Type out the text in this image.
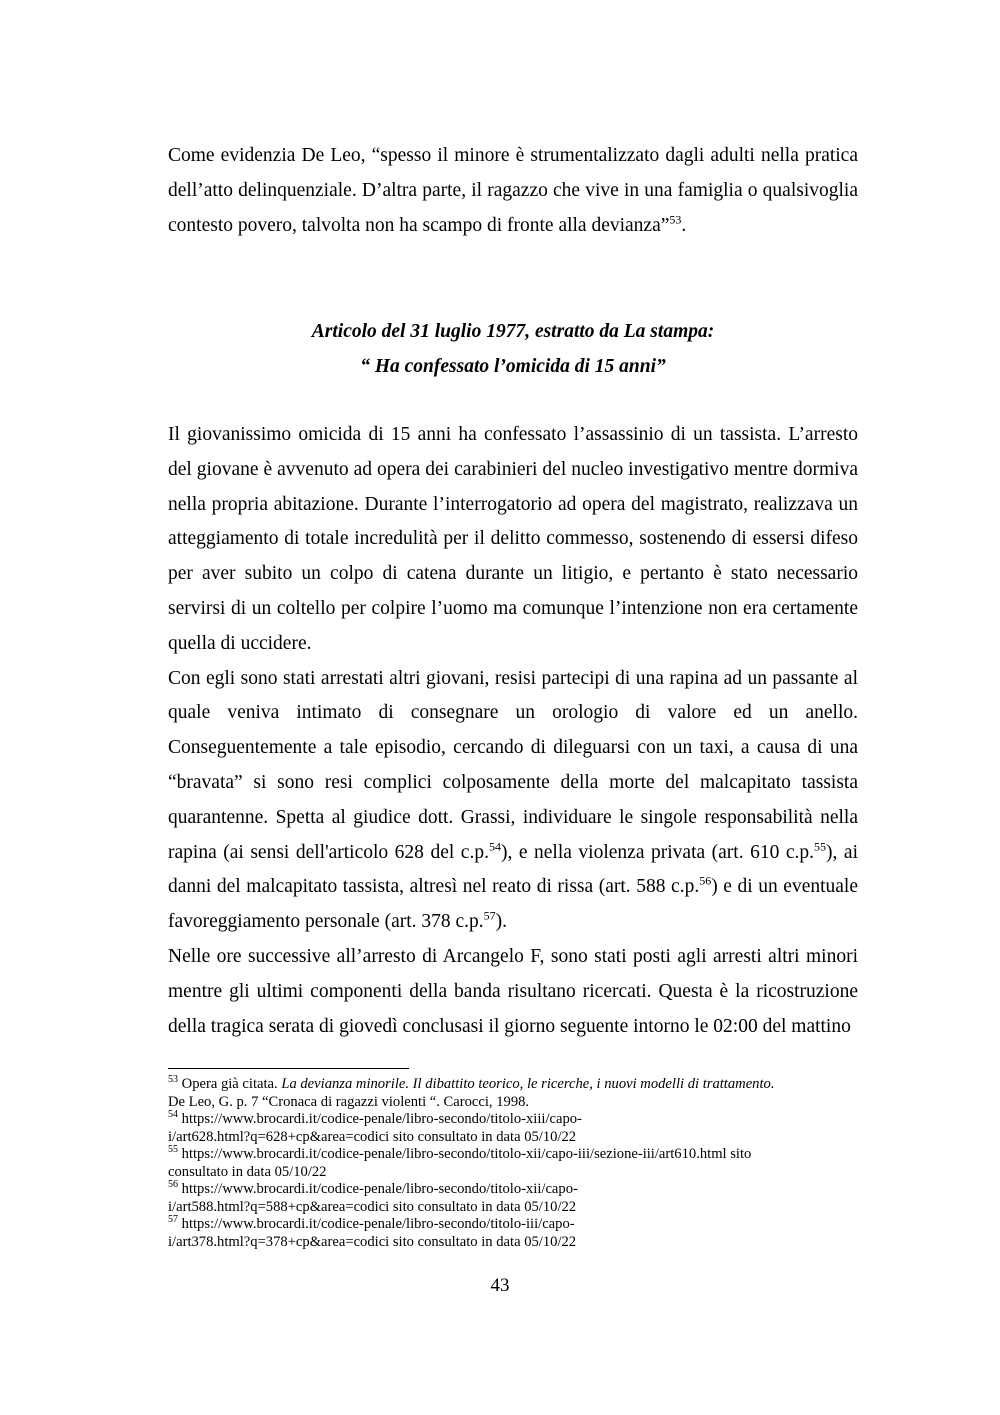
Come evidenzia De Leo, “spesso il minore è strumentalizzato dagli adulti nella pratica dell’atto delinquenziale. D’altra parte, il ragazzo che vive in una famiglia o qualsivoglia contesto povero, talvolta non ha scampo di fronte alla devianza”$^{53}$.

Articolo del 31 luglio 1977, estratto da La stampa:
“ Ha confessato l’omicida di 15 anni”

Il giovanissimo omicida di 15 anni ha confessato l’assassinio di un tassista. L’arresto del giovane è avvenuto ad opera dei carabinieri del nucleo investigativo mentre dormiva nella propria abitazione. Durante l’interrogatorio ad opera del magistrato, realizzava un atteggiamento di totale incredulità per il delitto commesso, sostenendo di essersi difeso per aver subito un colpo di catena durante un litigio, e pertanto è stato necessario servirsi di un coltello per colpire l’uomo ma comunque l’intenzione non era certamente quella di uccidere.

Con egli sono stati arrestati altri giovani, resisi partecipi di una rapina ad un passante al quale veniva intimato di consegnare un orologio di valore ed un anello. Conseguentemente a tale episodio, cercando di dileguarsi con un taxi, a causa di una “bravata” si sono resi complici colposamente della morte del malcapitato tassista quarantenne. Spetta al giudice dott. Grassi, individuare le singole responsabilità nella rapina (ai sensi dell'articolo 628 del c.p.$^{54}$), e nella violenza privata (art. 610 c.p.$^{55}$), ai danni del malcapitato tassista, altresì nel reato di rissa (art. 588 c.p.$^{56}$) e di un eventuale favoreggiamento personale (art. 378 c.p.$^{57}$).

Nelle ore successive all’arresto di Arcangelo F, sono stati posti agli arresti altri minori mentre gli ultimi componenti della banda risultano ricercati. Questa è la ricostruzione della tragica serata di giovedì conclusasi il giorno seguente intorno le 02:00 del mattino

$^{53}$ Opera già citata. La devianza minorile. Il dibattito teorico, le ricerche, i nuovi modelli di trattamento.
De Leo, G. p. 7 “Cronaca di ragazzi violenti “. Carocci, 1998.
$^{54}$ https://www.brocardi.it/codice-penale/libro-secondo/titolo-xiii/capo-
i/art628.html?q=628+cp&area=codici sito consultato in data 05/10/22
$^{55}$ https://www.brocardi.it/codice-penale/libro-secondo/titolo-xii/capo-iii/sezione-iii/art610.html sito
consultato in data 05/10/22
$^{56}$ https://www.brocardi.it/codice-penale/libro-secondo/titolo-xii/capo-
i/art588.html?q=588+cp&area=codici sito consultato in data 05/10/22
$^{57}$ https://www.brocardi.it/codice-penale/libro-secondo/titolo-iii/capo-
i/art378.html?q=378+cp&area=codici sito consultato in data 05/10/22
43
